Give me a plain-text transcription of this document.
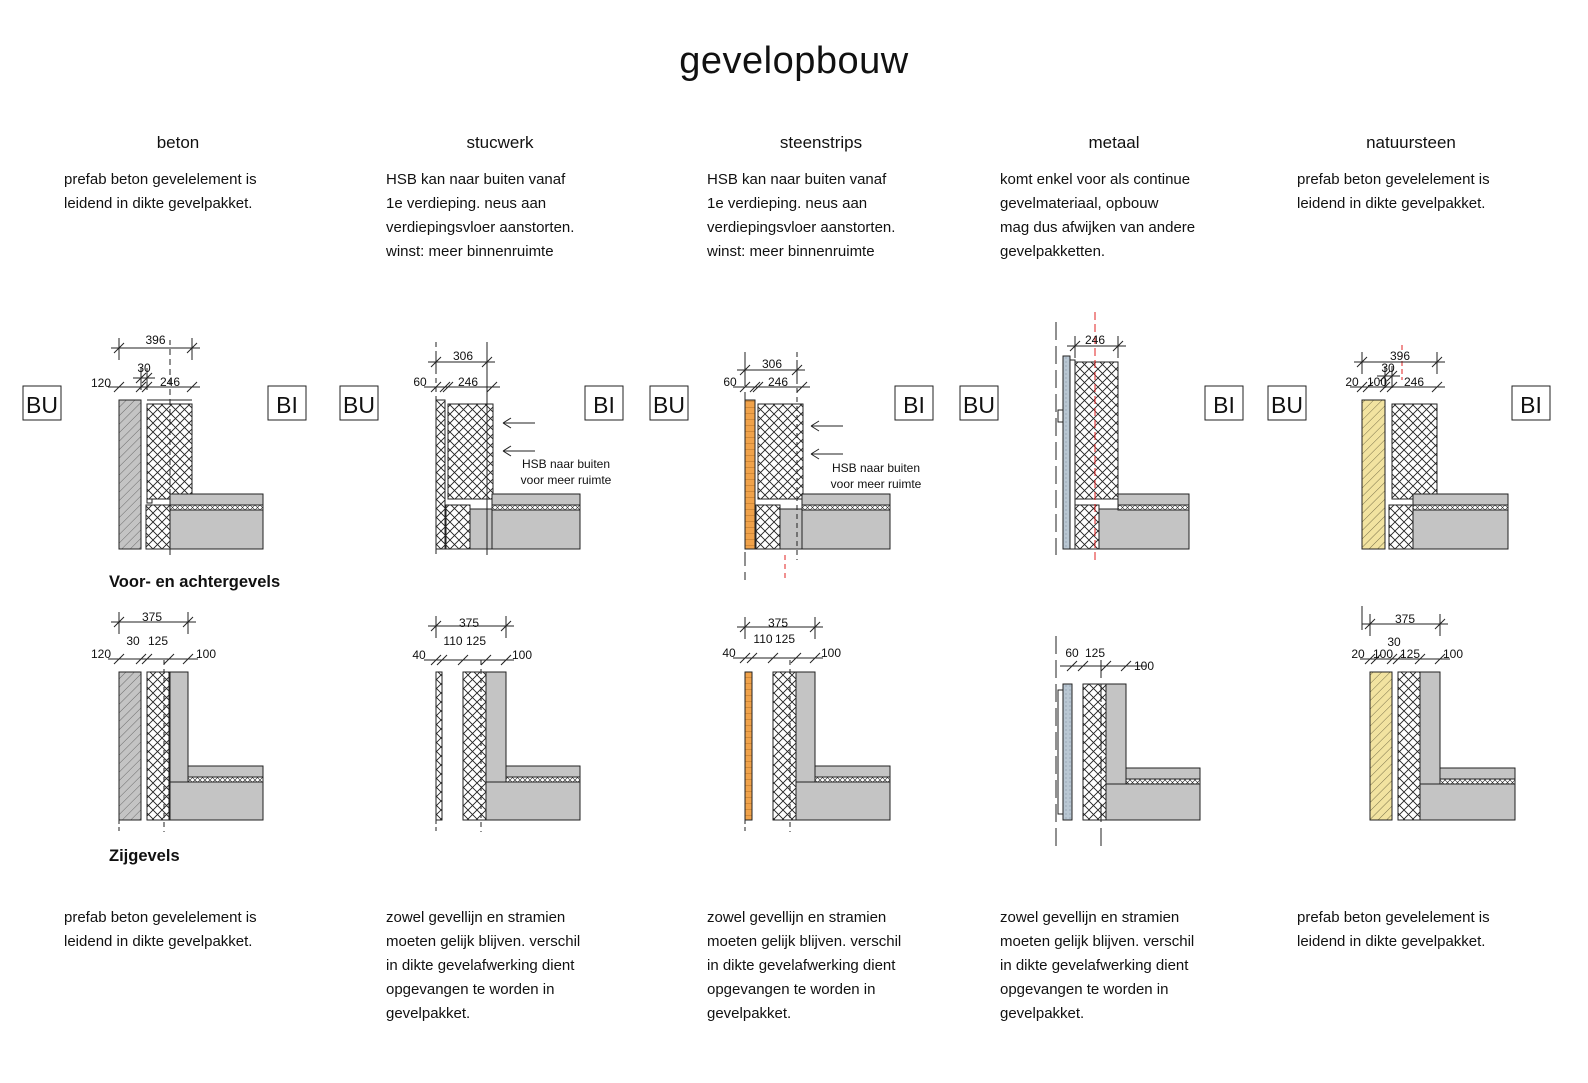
gevelopbouw
beton	stucwerk	steenstrips	metaal	natuursteen
prefab beton gevelelement is
leidend in dikte gevelpakket.
HSB kan naar buiten vanaf
1e verdieping. neus aan
verdiepingsvloer aanstorten.
winst: meer binnenruimte
HSB kan naar buiten vanaf
1e verdieping. neus aan
verdiepingsvloer aanstorten.
winst: meer binnenruimte
komt enkel voor als continue
gevelmateriaal, opbouw
mag dus afwijken van andere
gevelpakketten.
prefab beton gevelelement is
leidend in dikte gevelpakket.
prefab beton gevelelement is
leidend in dikte gevelpakket.
zowel gevellijn en stramien
moeten gelijk blijven. verschil
in dikte gevelafwerking dient
opgevangen te worden in
gevelpakket.
zowel gevellijn en stramien
moeten gelijk blijven. verschil
in dikte gevelafwerking dient
opgevangen te worden in
gevelpakket.
zowel gevellijn en stramien
moeten gelijk blijven. verschil
in dikte gevelafwerking dient
opgevangen te worden in
gevelpakket.
prefab beton gevelelement is
leidend in dikte gevelpakket.
Voor- en achtergevels
Zijgevels
BU	BI BU	BI BU	BI BU	BI BU	BI
396
30
120	246
375
120
30 125
100
306
60	246
HSB naar buiten
voor meer ruimte
375
40
110 125
100
306
60	246
HSB naar buiten
voor meer ruimte
375
40
110 125
100
246
60 125
100
396
30
20 100 246
375
30
20 100 125 100
